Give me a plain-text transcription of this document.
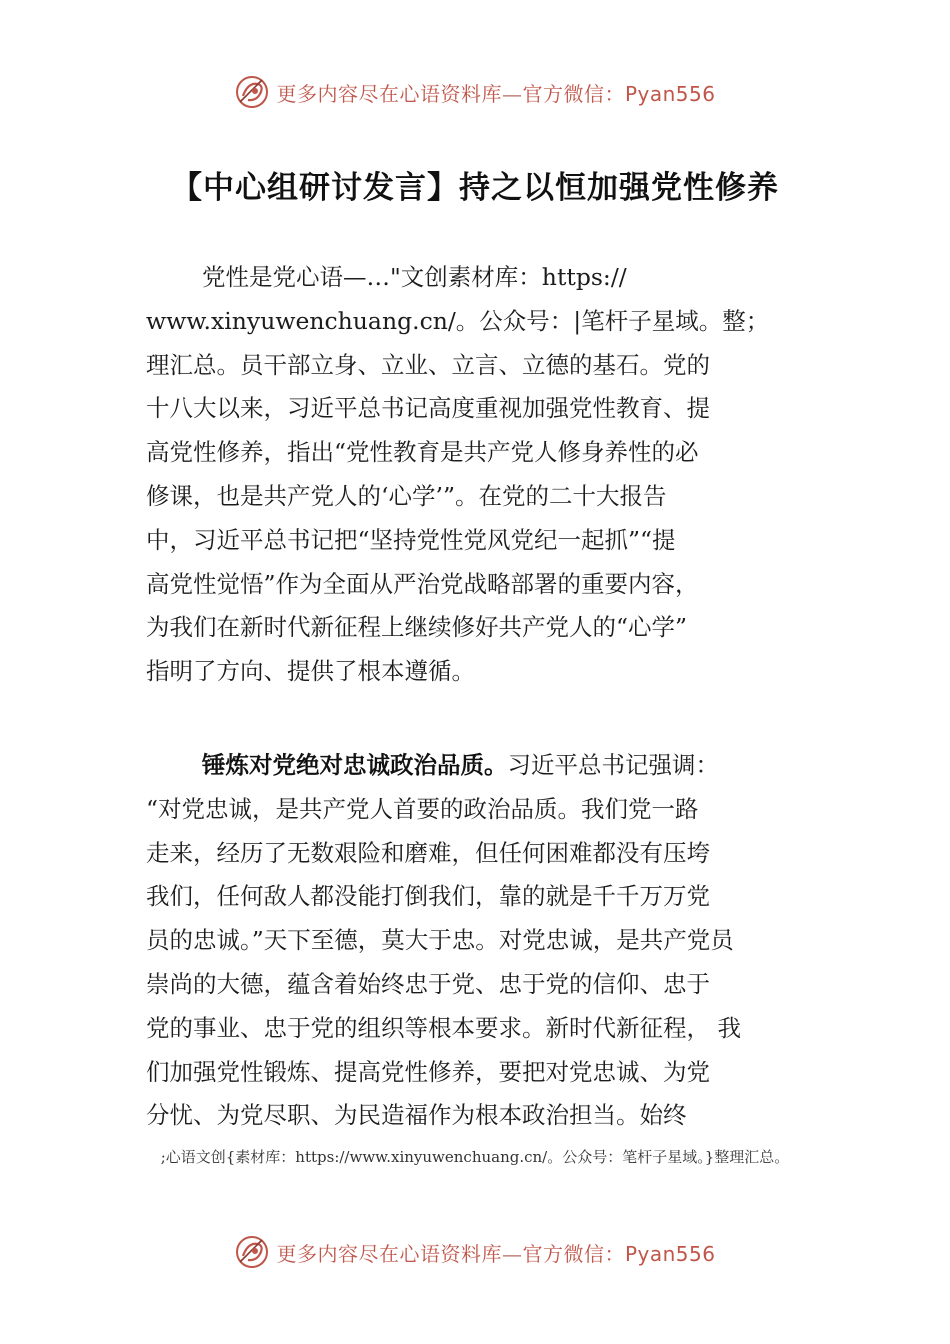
更多内容尽在心语资料库—官方微信：Pyan556
【中心组研讨发言】持之以恒加强党性修养
党性是党心语—…"文创素材库：https://
www.xinyuwenchuang.cn/。公众号：|笔杆子星域。整；
理汇总。员干部立身、立业、立言、立德的基石。党的
十八大以来，习近平总书记高度重视加强党性教育、提
高党性修养，指出“党性教育是共产党人修身养性的必
修课，也是共产党人的‘心学’”。在党的二十大报告
中，习近平总书记把“坚持党性党风党纪一起抓”“提
高党性觉悟”作为全面从严治党战略部署的重要内容，
为我们在新时代新征程上继续修好共产党人的“心学”
指明了方向、提供了根本遵循。
锤炼对党绝对忠诚政治品质。习近平总书记强调：
“对党忠诚，是共产党人首要的政治品质。我们党一路
走来，经历了无数艰险和磨难，但任何困难都没有压垮
我们，任何敌人都没能打倒我们，靠的就是千千万万党
员的忠诚。”天下至德，莫大于忠。对党忠诚，是共产党员
崇尚的大德，蕴含着始终忠于党、忠于党的信仰、忠于
党的事业、忠于党的组织等根本要求。新时代新征程， 我
们加强党性锻炼、提高党性修养，要把对党忠诚、为党
分忧、为党尽职、为民造福作为根本政治担当。始终
;心语文创{素材库：https://www.xinyuwenchuang.cn/。公众号：笔杆子星域。}整理汇总。
更多内容尽在心语资料库—官方微信：Pyan556
